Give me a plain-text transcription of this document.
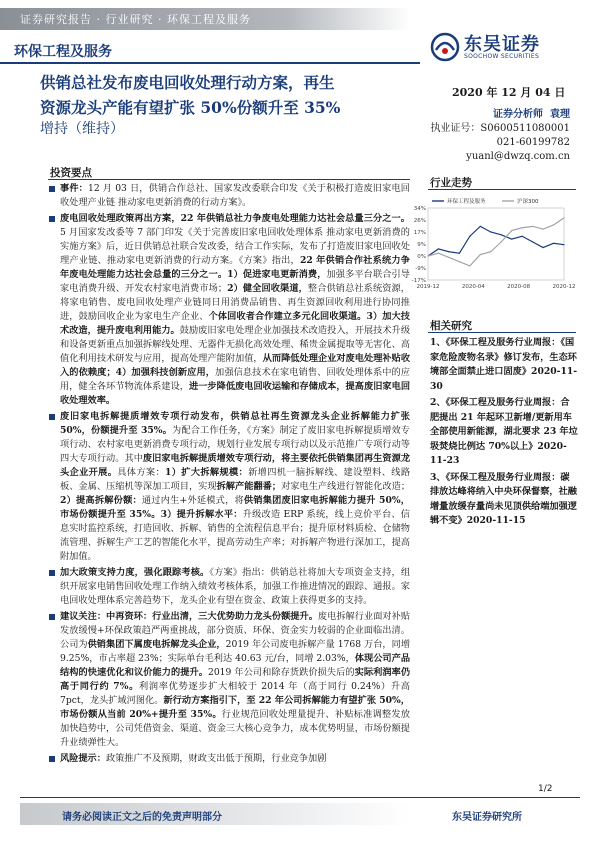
证券研究报告 · 行业研究 · 环保工程及服务
环保工程及服务	东吴证券
SOOCHOW SECURITIES
供销总社发布废电回收处理行动方案，再生
资源龙头产能有望扩张 50%份额升至 35%
增持（维持）
2020 年 12 月 04 日
证券分析师 袁理
执业证号：S0600511080001
021-60199782
yuanl@dwzq.com.cn
投资要点
行业走势
事件：12 月 03 日，供销合作总社、国家发改委联合印发《关于积极打造废旧家电回收处理产业链 推动家电更新消费的行动方案》。
废电回收处理政策再出方案，22 年供销总社力争废电处理能力达社会总量三分之一。5 月国家发改委等 7 部门印发《关于完善废旧家电回收处理体系 推动家电更新消费的实施方案》后，近日供销总社联合发改委，结合工作实际，发布了打造废旧家电回收处理产业链、推动家电更新消费的行动方案。《方案》指出，22 年供销合作社系统力争年废电处理能力达社会总量的三分之一。1）促进家电更新消费，加强多平台联合引导家电消费升级、开发农村家电消费市场；2）健全回收渠道，整合供销总社系统资源，将家电销售、废电回收处理产业链同日用消费品销售、再生资源回收利用进行协同推进，鼓励回收企业为家电生产企业、个体回收者合作建立多元化回收渠道。3）加大技术改造，提升废电利用能力。鼓励废旧家电处理企业加强技术改造投入，开展技术升级和设备更新重点加强拆解线处理、无器件无损化高效处理、稀贵金属提取等无害化、高值化利用技术研发与应用，提高处理产能附加值，从而降低处理企业对废电处理补贴收入的依赖度；4）加强科技创新应用，加强信息技术在家电销售、回收处理体系中的应用，健全各环节物流体系建设，进一步降低废电回收运输和存储成本，提高废旧家电回收处理效率。
废旧家电拆解提质增效专项行动发布，供销总社再生资源龙头企业拆解能力扩张 50%，份额提升至 35%。为配合工作任务，《方案》制定了废旧家电拆解提质增效专项行动、农村家电更新消费专项行动，规划行业发展专项行动以及示范推广专项行动等四大专项行动。其中废旧家电拆解提质增效专项行动，将主要依托供销集团再生资源龙头企业开展。具体方案：1）扩大拆解规模：新增四机一脑拆解线、建设塑料、线路板、金属、压缩机等深加工项目，实现拆解产能翻番；对家电生产线进行智能化改造；2）提高拆解份额：通过内生+外延模式，将供销集团废旧家电拆解能力提升 50%，市场份额提升至 35%。3）提升拆解水平：升级改造 ERP 系统，线上竞价平台、信息实时监控系统，打造回收、拆解、销售的全流程信息平台；提升原材料质检、仓储物流管理、拆解生产工艺的智能化水平，提高劳动生产率；对拆解产物进行深加工，提高附加值。
加大政策支持力度，强化跟踪考核。《方案》指出：供销总社将加大专项资金支持，组织开展家电销售回收处理工作纳入绩效考核体系，加强工作推进情况的跟踪、通报。家电回收处理体系完善趋势下，龙头企业有望在资金、政策上获得更多的支持。
建议关注：中再资环：行业出清，三大优势助力龙头份额提升。废电拆解行业面对补贴发放缓慢+环保政策趋严两重挑战，部分资质、环保、资金实力较弱的企业面临出清。公司为供销集团下属废电拆解龙头企业，2019 年公司废电拆解产量 1768 万台，同增 9.25%，市占率超 23%；实际单台毛利达 40.63 元/台，同增 2.03%，体现公司产品结构的快速优化和议价能力的提升。2019 年公司和除存货跌价损失后的实际利润率仍高于同行约 7%。利润率优势逐步扩大相较于 2014 年（高于同行 0.24%）升高 7pct，龙头扩域河图化。新行动方案指引下，至 22 年公司拆解能力有望扩张 50%，市场份额从当前 20%+提升至 35%。行业规范回收处理量提升、补贴标准调整发放加快趋势中，公司凭借资金、渠道、资金三大核心竞争力，成本优势明显，市场份额提升业绩弹性大。
风险提示：政策推广不及预期，财政支出低于预期，行业竞争加剧
34%
26%
17%
9%
0%
-9%
-17%
2019-12	2020-04	2020-08	2020-12
环保工程及服务	沪深300
相关研究
1、《环保工程及服务行业周报：《国家危险废物名录》修订发布，生态环境部全面禁止进口固废》2020-11-30
2、《环保工程及服务行业周报：合肥提出 21 年起环卫新增/更新用车全部使用新能源，湖北要求 23 年垃圾焚烧比例达 70%以上》2020-11-23
3、《环保工程及服务行业周报：碳排放达峰将纳入中央环保督察，社融增量放缓存量尚未见顶供给端加强逻辑不变》2020-11-15
1/2
请务必阅读正文之后的免责声明部分	东吴证券研究所
